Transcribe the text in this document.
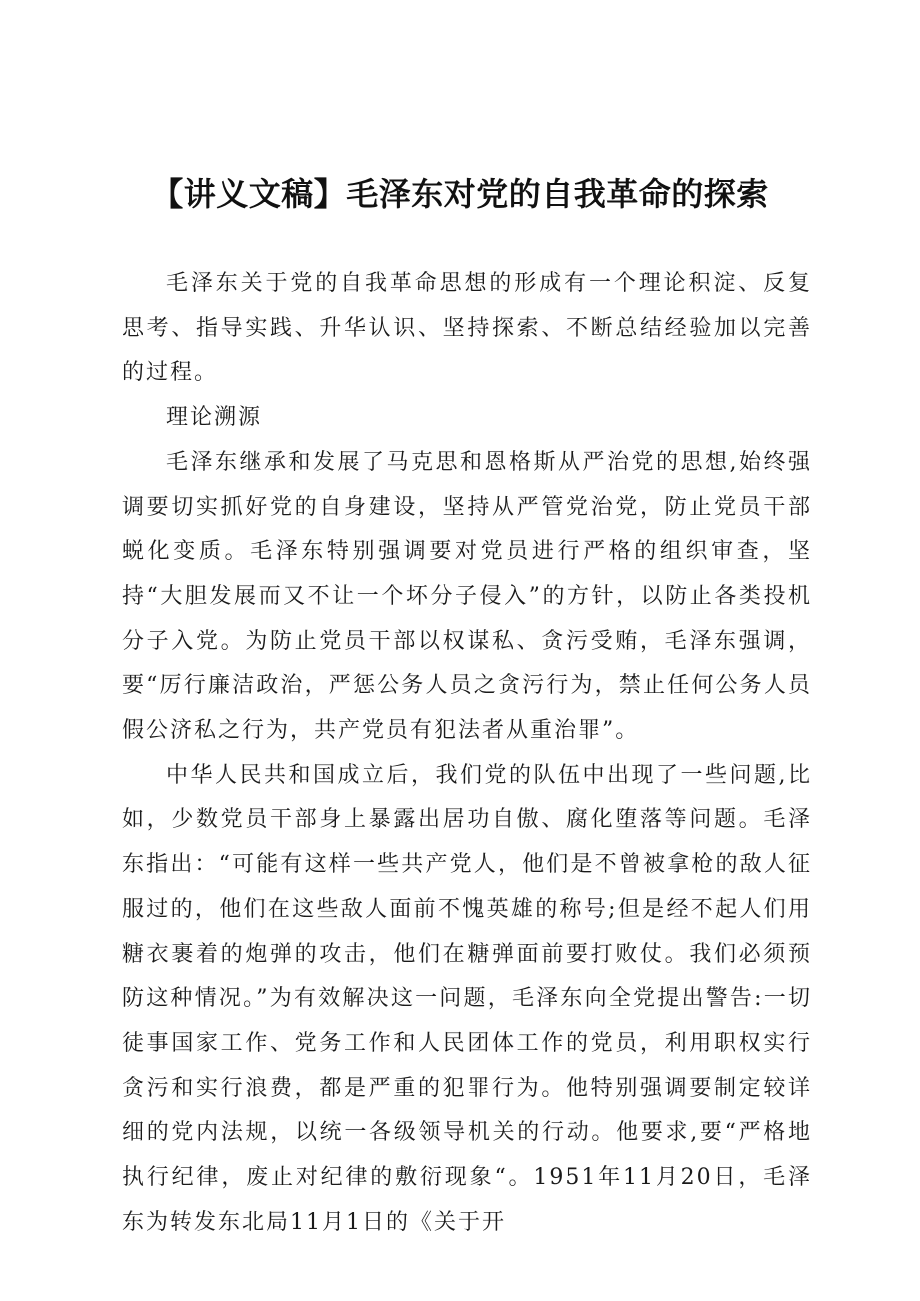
【讲义文稿】毛泽东对党的自我革命的探索

毛泽东关于党的自我革命思想的形成有一个理论积淀、反复思考、指导实践、升华认识、坚持探索、不断总结经验加以完善的过程。

理论溯源

毛泽东继承和发展了马克思和恩格斯从严治党的思想,始终强调要切实抓好党的自身建设，坚持从严管党治党，防止党员干部蜕化变质。毛泽东特别强调要对党员进行严格的组织审查，坚持“大胆发展而又不让一个坏分子侵入”的方针，以防止各类投机分子入党。为防止党员干部以权谋私、贪污受贿，毛泽东强调，要“厉行廉洁政治，严惩公务人员之贪污行为，禁止任何公务人员假公济私之行为，共产党员有犯法者从重治罪”。

中华人民共和国成立后，我们党的队伍中出现了一些问题,比如，少数党员干部身上暴露出居功自傲、腐化堕落等问题。毛泽东指出：“可能有这样一些共产党人，他们是不曾被拿枪的敌人征服过的，他们在这些敌人面前不愧英雄的称号;但是经不起人们用糖衣裹着的炮弹的攻击，他们在糖弹面前要打败仗。我们必须预防这种情况。”为有效解决这一问题，毛泽东向全党提出警告:一切徒事国家工作、党务工作和人民团体工作的党员，利用职权实行贪污和实行浪费，都是严重的犯罪行为。他特别强调要制定较详细的党内法规，以统一各级领导机关的行动。他要求,要“严格地执行纪律，废止对纪律的敷衍现象“。1951年11月20日，毛泽东为转发东北局11月1日的《关于开
